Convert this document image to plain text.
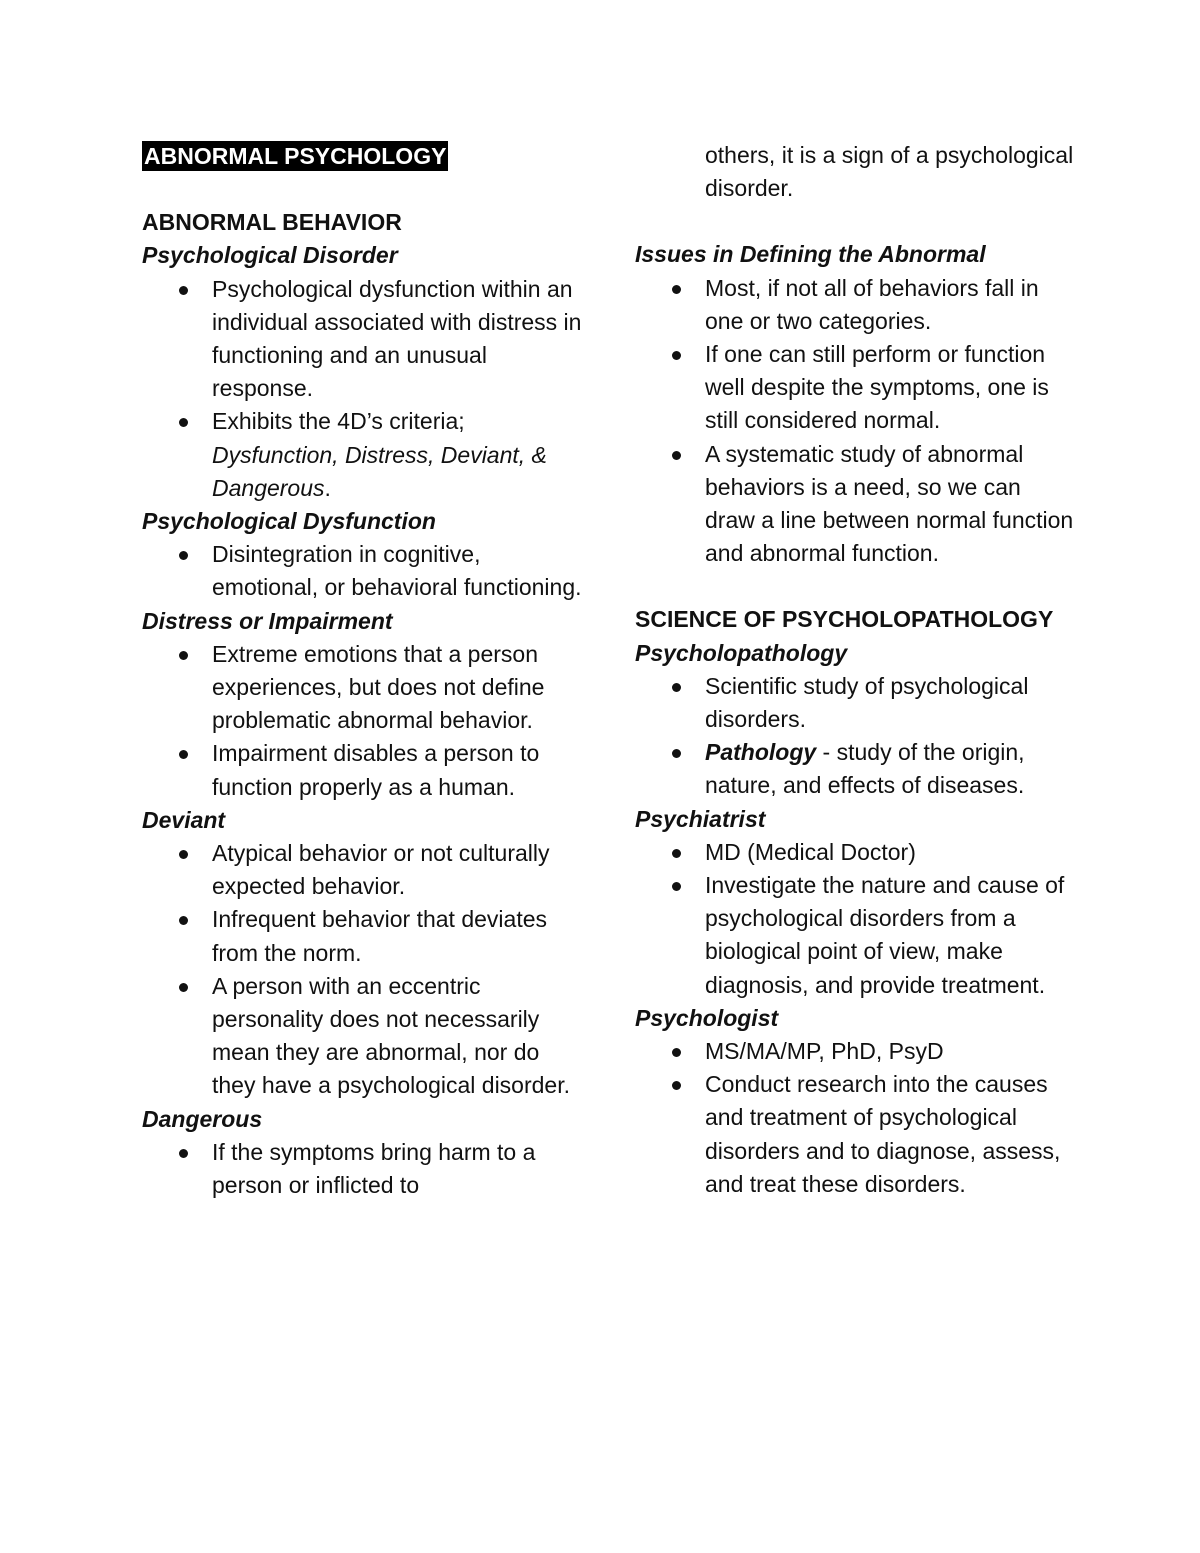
ABNORMAL PSYCHOLOGY
ABNORMAL BEHAVIOR
Psychological Disorder
Psychological dysfunction within an individual associated with distress in functioning and an unusual response.
Exhibits the 4D’s criteria; Dysfunction, Distress, Deviant, & Dangerous.
Psychological Dysfunction
Disintegration in cognitive, emotional, or behavioral functioning.
Distress or Impairment
Extreme emotions that a person experiences, but does not define problematic abnormal behavior.
Impairment disables a person to function properly as a human.
Deviant
Atypical behavior or not culturally expected behavior.
Infrequent behavior that deviates from the norm.
A person with an eccentric personality does not necessarily mean they are abnormal, nor do they have a psychological disorder.
Dangerous
If the symptoms bring harm to a person or inflicted to
others, it is a sign of a psychological disorder.
Issues in Defining the Abnormal
Most, if not all of behaviors fall in one or two categories.
If one can still perform or function well despite the symptoms, one is still considered normal.
A systematic study of abnormal behaviors is a need, so we can draw a line between normal function and abnormal function.
SCIENCE OF PSYCHOLOPATHOLOGY
Psycholopathology
Scientific study of psychological disorders.
Pathology - study of the origin, nature, and effects of diseases.
Psychiatrist
MD (Medical Doctor)
Investigate the nature and cause of psychological disorders from a biological point of view, make diagnosis, and provide treatment.
Psychologist
MS/MA/MP, PhD, PsyD
Conduct research into the causes and treatment of psychological disorders and to diagnose, assess, and treat these disorders.
